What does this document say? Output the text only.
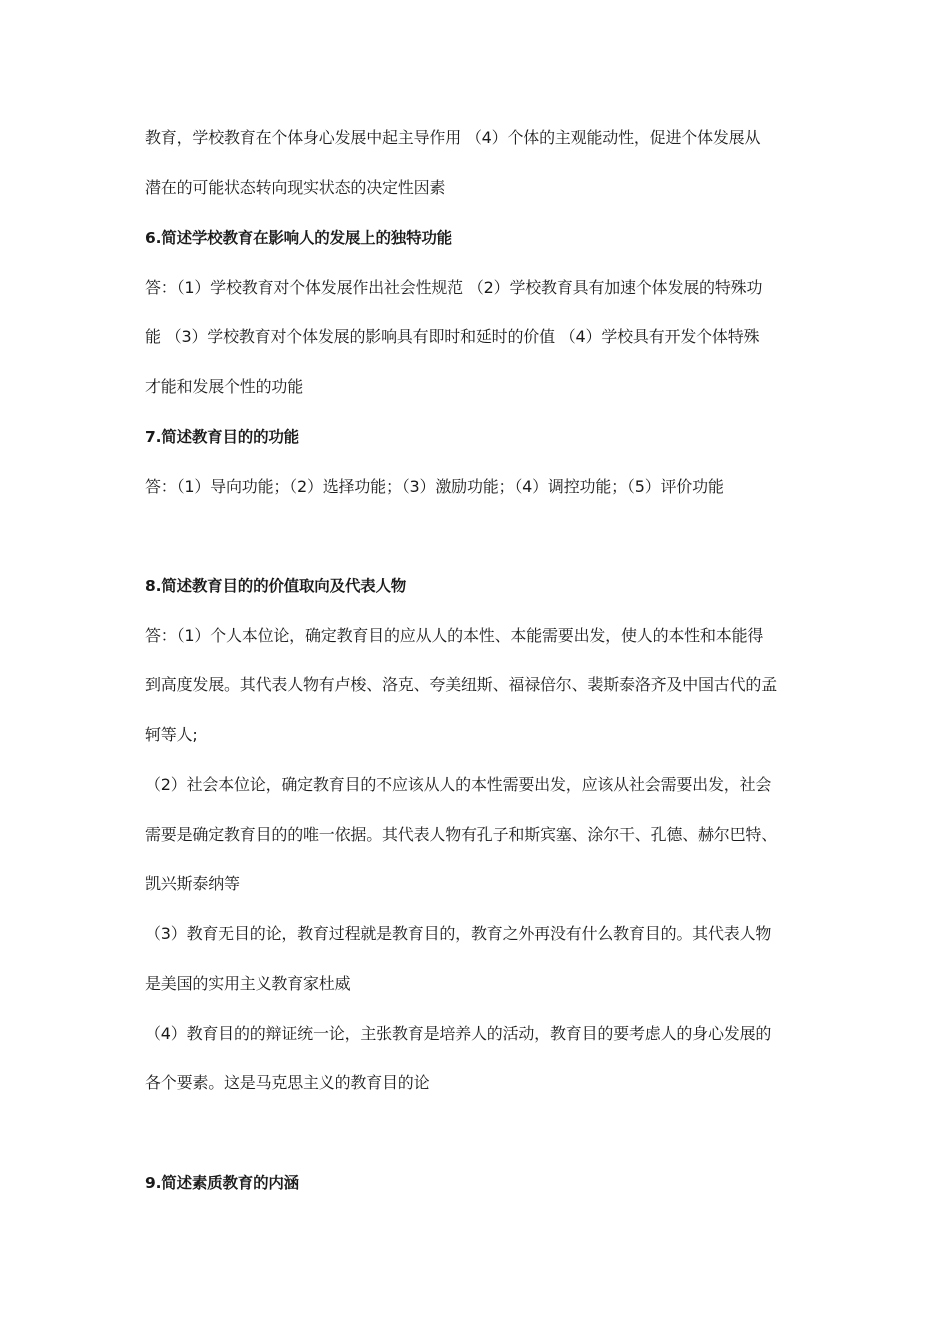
教育，学校教育在个体身心发展中起主导作用 （4）个体的主观能动性，促进个体发展从
潜在的可能状态转向现实状态的决定性因素
6.简述学校教育在影响人的发展上的独特功能
答：（1）学校教育对个体发展作出社会性规范 （2）学校教育具有加速个体发展的特殊功
能 （3）学校教育对个体发展的影响具有即时和延时的价值 （4）学校具有开发个体特殊
才能和发展个性的功能
7.简述教育目的的功能
答：（1）导向功能；（2）选择功能；（3）激励功能；（4）调控功能；（5）评价功能
8.简述教育目的的价值取向及代表人物
答：（1）个人本位论，确定教育目的应从人的本性、本能需要出发，使人的本性和本能得
到高度发展。其代表人物有卢梭、洛克、夸美纽斯、福禄倍尔、裴斯泰洛齐及中国古代的孟
轲等人;
（2）社会本位论，确定教育目的不应该从人的本性需要出发，应该从社会需要出发，社会
需要是确定教育目的的唯一依据。其代表人物有孔子和斯宾塞、涂尔干、孔德、赫尔巴特、
凯兴斯泰纳等
（3）教育无目的论，教育过程就是教育目的，教育之外再没有什么教育目的。其代表人物
是美国的实用主义教育家杜威
（4）教育目的的辩证统一论，主张教育是培养人的活动，教育目的要考虑人的身心发展的
各个要素。这是马克思主义的教育目的论
9.简述素质教育的内涵
